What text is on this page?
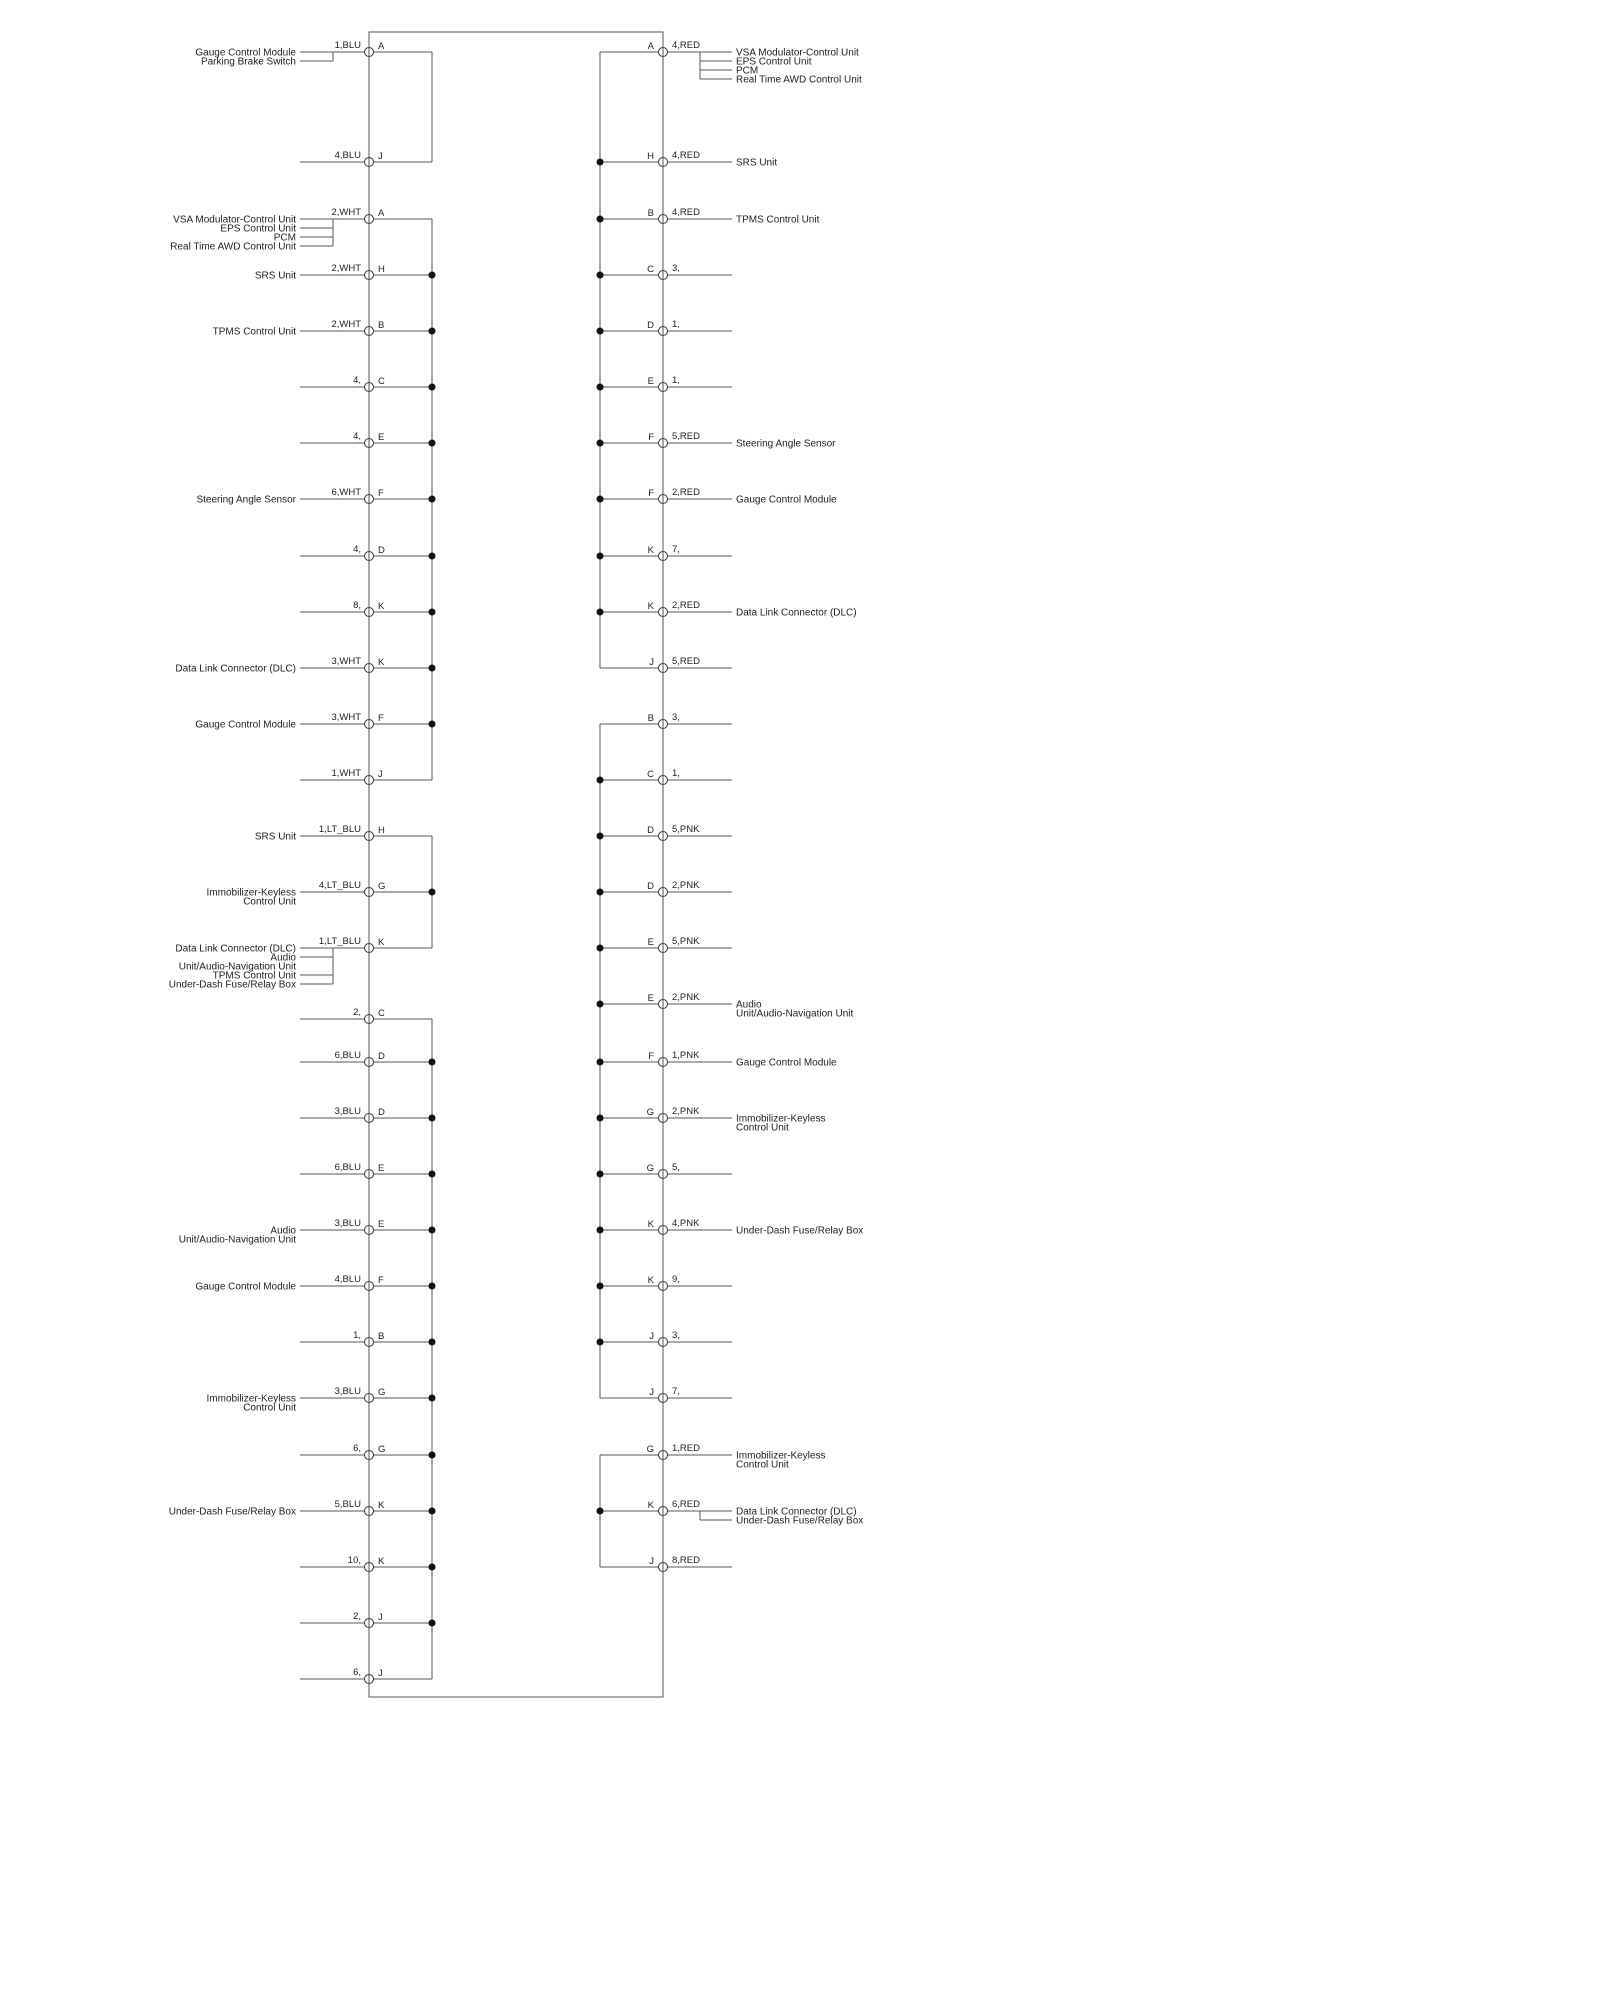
1,BLU A
Gauge Control Module
Parking Brake Switch
4,BLU J
2,WHT A
VSA Modulator-Control Unit
EPS Control Unit
PCM
Real Time AWD Control Unit
2,WHT H
SRS Unit
2,WHT B
TPMS Control Unit
4, C
4, E
6,WHT F
Steering Angle Sensor
4, D
8, K
3,WHT K
Data Link Connector (DLC)
3,WHT F
Gauge Control Module
1,WHT J
1,LT_BLU H
SRS Unit
4,LT_BLU G
Immobilizer-Keyless Control Unit
1,LT_BLU K
Data Link Connector (DLC)
Audio Unit/Audio-Navigation Unit
TPMS Control Unit
Under-Dash Fuse/Relay Box
2, C
6,BLU D
3,BLU D
6,BLU E
3,BLU E
Audio Unit/Audio-Navigation Unit
4,BLU F
Gauge Control Module
1, B
3,BLU G
Immobilizer-Keyless Control Unit
6, G
5,BLU K
Under-Dash Fuse/Relay Box
10, K
2, J
6, J
4,RED
A
VSA Modulator-Control Unit
EPS Control Unit
PCM
Real Time AWD Control Unit
4,RED
H
SRS Unit
4,RED
B
TPMS Control Unit
3,
C
1,
D
1,
E
5,RED
F
Steering Angle Sensor
2,RED
F
Gauge Control Module
7,
K
2,RED
K
Data Link Connector (DLC)
5,RED
J
3,
B
1,
C
5,PNK
D
2,PNK
D
5,PNK
E
2,PNK
E
Audio Unit/Audio-Navigation Unit
1,PNK
F
Gauge Control Module
2,PNK
G
Immobilizer-Keyless Control Unit
5,
G
4,PNK
K
Under-Dash Fuse/Relay Box
9,
K
3,
J
7,
J
1,RED
G
Immobilizer-Keyless Control Unit
6,RED
K
Data Link Connector (DLC)
Under-Dash Fuse/Relay Box
8,RED
J
